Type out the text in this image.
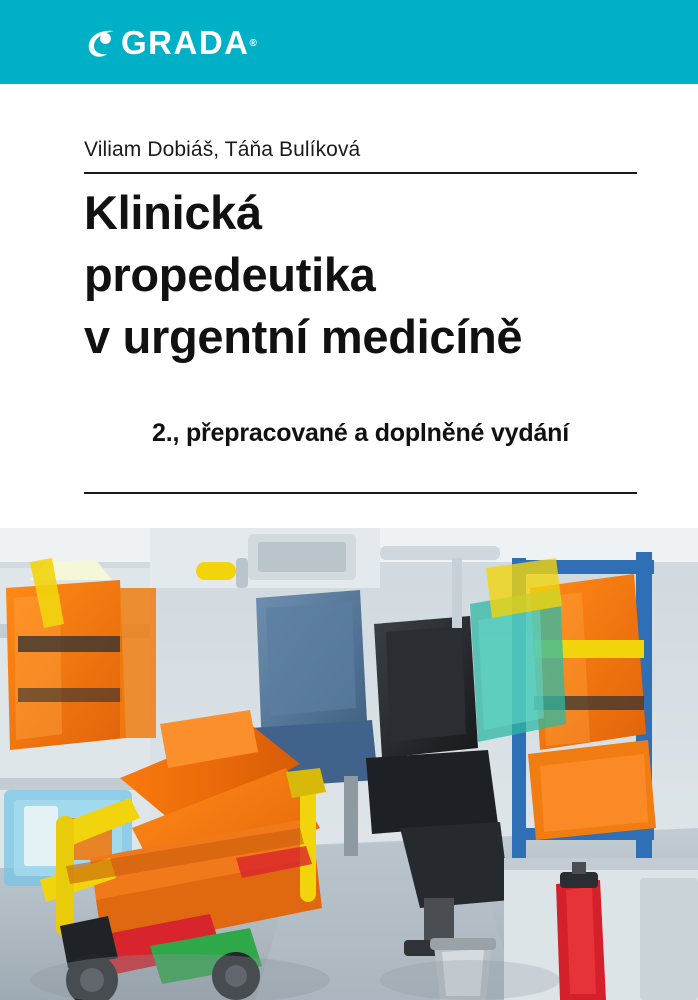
GRADA ®
Viliam Dobiáš, Táňa Bulíková
Klinická
propedeutika
v urgentní medicíně
2., přepracované a doplněné vydání
